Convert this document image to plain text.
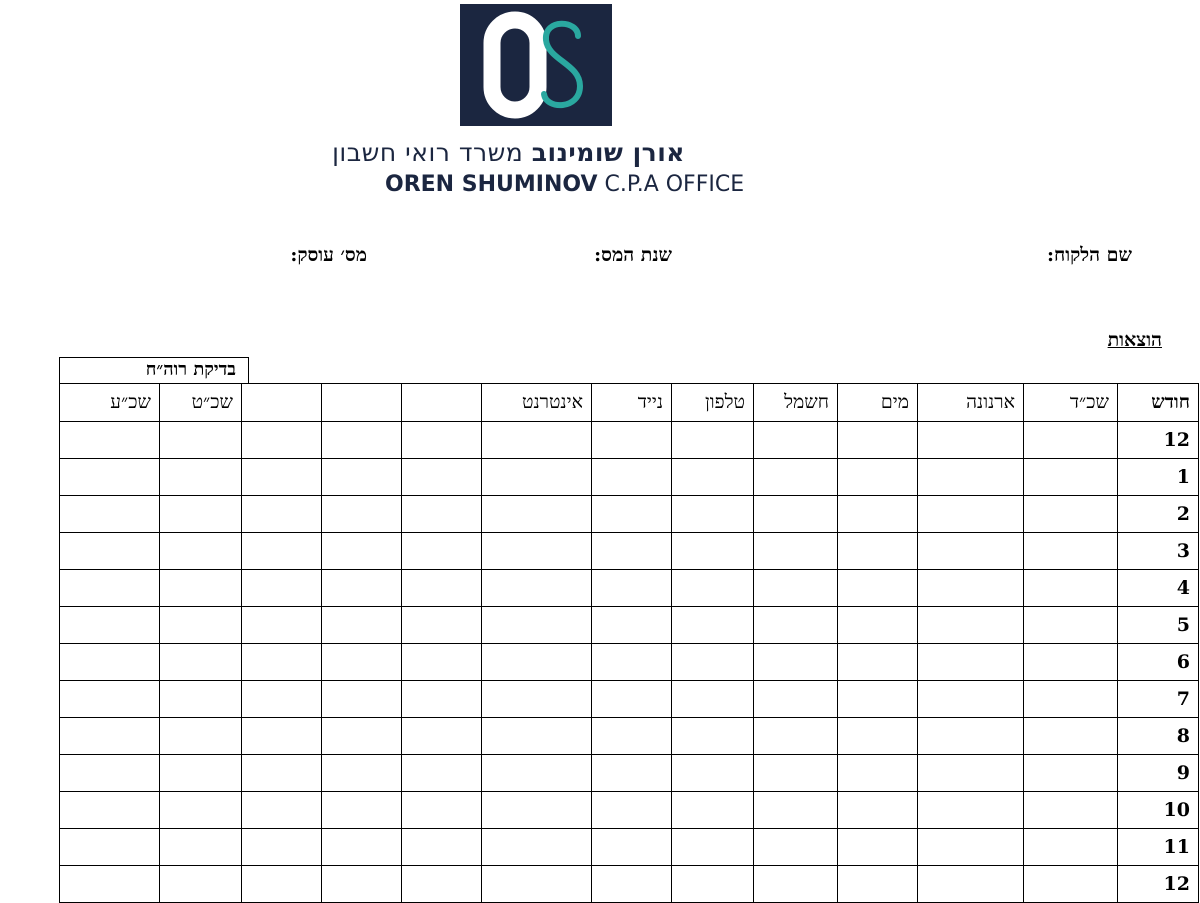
אורן שומינוב משרד רואי חשבון
OREN SHUMINOV C.P.A OFFICE
שם הלקוח:
שנת המס:
מס׳ עוסק:
הוצאות
בדיקת רוה״ח
חודש	שכ״ד	ארנונה	מים	חשמל	טלפון	נייד	אינטרנט				שכ״ט	שכ״ע
12												
1												
2												
3												
4												
5												
6												
7												
8												
9												
10												
11												
12												
